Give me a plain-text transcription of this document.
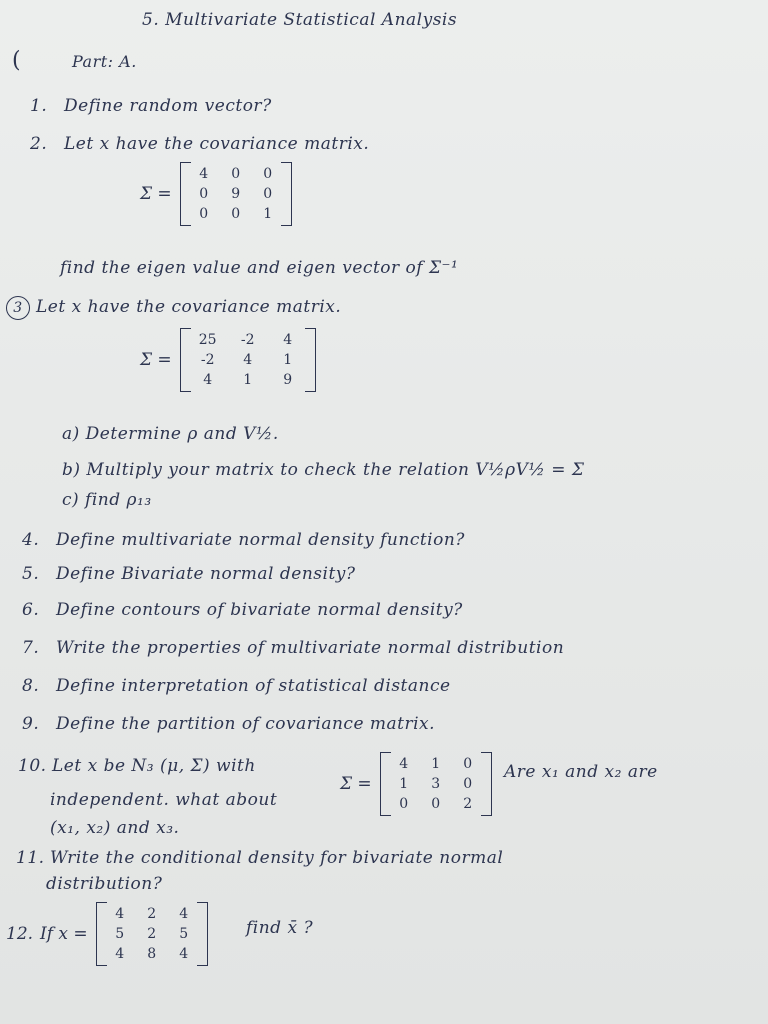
5. Multivariate Statistical Analysis
(	Part: A.
1. Define random vector?
2. Let x have the covariance matrix.
Σ =
4 0 0
0 9 0
0 0 1
find the eigen value and eigen vector of Σ⁻¹
3 Let x have the covariance matrix.
Σ =
25 -2	4
-2	4	1
4	1	9
a) Determine ρ and V½.
b) Multiply your matrix to check the relation V½ρV½ = Σ
c) find ρ₁₃
4. Define multivariate normal density function?
5. Define Bivariate normal density?
6. Define contours of bivariate normal density?
7. Write the properties of multivariate normal distribution
8. Define interpretation of statistical distance
9. Define the partition of covariance matrix.
10. Let x be N₃ (μ, Σ) with
Σ =
4 1 0
1 3 0
0 0 2
Are x₁ and x₂ are
independent. what about
(x₁, x₂) and x₃.
11. Write the conditional density for bivariate normal
distribution?
12. If x =
4 2 4
5 2 5
4 8 4
find x̄ ?
